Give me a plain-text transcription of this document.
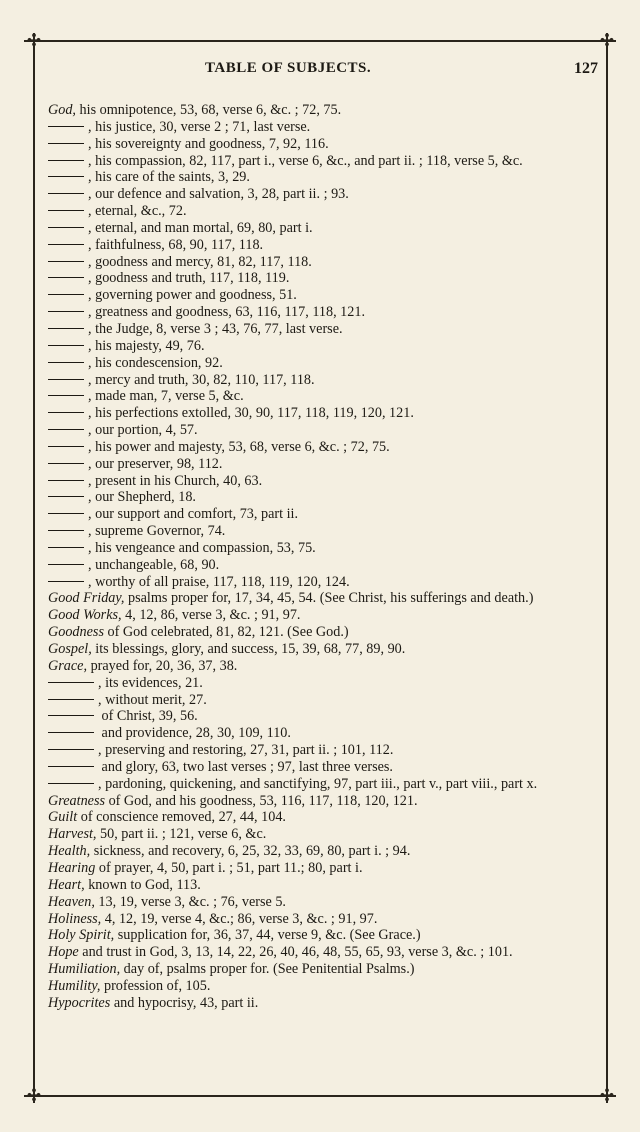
✣	✣
✣	✣
TABLE OF SUBJECTS.	127
God, his omnipotence, 53, 68, verse 6, &c. ; 72, 75.
, his justice, 30, verse 2 ; 71, last verse.
, his sovereignty and goodness, 7, 92, 116.
, his compassion, 82, 117, part i., verse 6, &c., and part ii. ; 118, verse 5, &c.
, his care of the saints, 3, 29.
, our defence and salvation, 3, 28, part ii. ; 93.
, eternal, &c., 72.
, eternal, and man mortal, 69, 80, part i.
, faithfulness, 68, 90, 117, 118.
, goodness and mercy, 81, 82, 117, 118.
, goodness and truth, 117, 118, 119.
, governing power and goodness, 51.
, greatness and goodness, 63, 116, 117, 118, 121.
, the Judge, 8, verse 3 ; 43, 76, 77, last verse.
, his majesty, 49, 76.
, his condescension, 92.
, mercy and truth, 30, 82, 110, 117, 118.
, made man, 7, verse 5, &c.
, his perfections extolled, 30, 90, 117, 118, 119, 120, 121.
, our portion, 4, 57.
, his power and majesty, 53, 68, verse 6, &c. ; 72, 75.
, our preserver, 98, 112.
, present in his Church, 40, 63.
, our Shepherd, 18.
, our support and comfort, 73, part ii.
, supreme Governor, 74.
, his vengeance and compassion, 53, 75.
, unchangeable, 68, 90.
, worthy of all praise, 117, 118, 119, 120, 124.
Good Friday, psalms proper for, 17, 34, 45, 54. (See Christ, his sufferings and death.)
Good Works, 4, 12, 86, verse 3, &c. ; 91, 97.
Goodness of God celebrated, 81, 82, 121. (See God.)
Gospel, its blessings, glory, and success, 15, 39, 68, 77, 89, 90.
Grace, prayed for, 20, 36, 37, 38.
, its evidences, 21.
, without merit, 27.
of Christ, 39, 56.
and providence, 28, 30, 109, 110.
, preserving and restoring, 27, 31, part ii. ; 101, 112.
and glory, 63, two last verses ; 97, last three verses.
, pardoning, quickening, and sanctifying, 97, part iii., part v., part viii., part x.
Greatness of God, and his goodness, 53, 116, 117, 118, 120, 121.
Guilt of conscience removed, 27, 44, 104.
Harvest, 50, part ii. ; 121, verse 6, &c.
Health, sickness, and recovery, 6, 25, 32, 33, 69, 80, part i. ; 94.
Hearing of prayer, 4, 50, part i. ; 51, part 11.; 80, part i.
Heart, known to God, 113.
Heaven, 13, 19, verse 3, &c. ; 76, verse 5.
Holiness, 4, 12, 19, verse 4, &c.; 86, verse 3, &c. ; 91, 97.
Holy Spirit, supplication for, 36, 37, 44, verse 9, &c. (See Grace.)
Hope and trust in God, 3, 13, 14, 22, 26, 40, 46, 48, 55, 65, 93, verse 3, &c. ; 101.
Humiliation, day of, psalms proper for. (See Penitential Psalms.)
Humility, profession of, 105.
Hypocrites and hypocrisy, 43, part ii.
